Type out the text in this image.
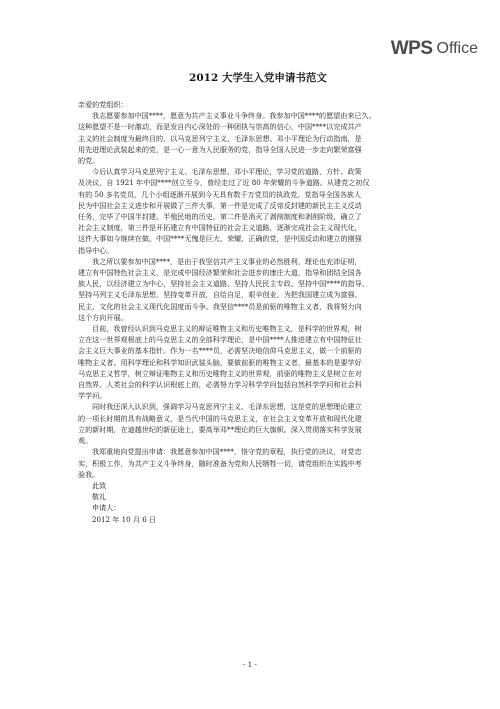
WPS Office
2012 大学生入党申请书范文
亲爱的党组织：
我志愿要参加中国****，愿意为共产主义事业斗争终身。我参加中国****的愿望由来已久。
这种愿望不是一时激动，而是发自内心深处的一种团执与崇高的信心，中国****以完成共产
主义的社会制度为最终目的，以马克思列宁主义、毛泽东思想、邓小平理论为行动指南，是
用先进理论武装起来的党，是一心一意为人民服务的党，指导全国人民进一步走向繁荣富强
的党。
今后认真学习马克思列宁主义、毛泽东思想、邓小平理论，学习党的道路、方针、政策
及决议，自 1921 年中国****创立至今，曾经走过了近 80 年荣耀的斗争道路。从建党之初仅
有的 50 多名党员，几个小组逐渐开展到今天具有数千万党员的执政党。党指导全国各族人
民为中国社会主义进步和开展做了三件大事，第一件是完成了反帝反封建的新民主主义反动
任务，完毕了中国半封建、半殖民地的历史，第二件是消灭了剥削制度和剥削阶级，确立了
社会主义制度，第三件是开拓建立有中国特征的社会主义道路，逐渐完成社会主义现代化，
这件大事如今继续在做。中国****无愧是巨大、荣耀、正确的党，是中国反动和建立的刚强
指导中心。
我之所以要参加中国****，是由于我坚信共产主义事业的必然胜利，理论也充沛证明，
建立有中国特色社会主义，是完成中国经济繁荣和社会进步的康庄大道，指导和团结全国各
族人民，以经济建立为中心，坚持社会主义道路、坚持人民民主专政、坚持中国****的指导、
坚持马列主义毛泽东思想，坚持变革开放，自给自足，艰辛创业，为把我国建立成为富强、
民主、文化的社会主义现代化国度而斗争。我坚信****员是前驱的唯物主义者，我将努力向
这个方向开展。
目前，我曾经认识到马克思主义的辩证唯物主义和历史唯物主义，是科学的世界观，树
立在这一世界观根底上的马克思主义的全部科学理论，是中国****人推进建立有中国特征社
会主义巨大事业的基本指针。作为一名****员，必需坚决地信仰马克思主义，做一个前驱的
唯物主义者。用科学理论和科学知识武装头脑，要做前驱的唯物主义者，最基本的是要学好
马克思主义哲学，树立辩证唯物主义和历史唯物主义的世界观，前驱的唯物主义是树立在对
自然界、人类社会的科学认识根底上的，必需努力学习科学学问包括自然科学学问和社会科
学学问。
同时我还深入认识到，强调学习马克思列宁主义、毛泽东思想，这是党的思想理论建立
的一项长时期的具有战略意义，是当代中国的马克思主义，在社会主义变革开放和现代化建
立的新时期，在迪越世纪的新征途上，要高举邓**理论的巨大旗帜。深入贯彻落实科学发展
观。
我郑重地向党提出申请：我愿意参加中国****，恪守党的章程，执行党的决议，对党忠
实，积极工作，为共产主义斗争终身，随时准备为党和人民牺牲一切，请党组织在实践中考
验我。
此致
敬礼
申请人：
2012 年 10 月 6 日
- 1 -
